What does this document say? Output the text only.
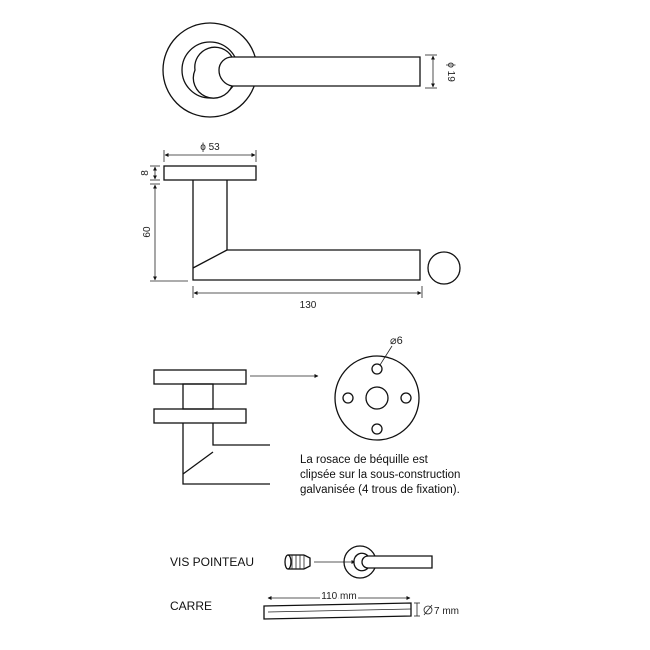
ϕ 19
ϕ 53
8
60
130
⌀6
La rosace de béquille est
clipsée sur la sous-construction
galvanisée (4 trous de fixation).
VIS POINTEAU
CARRE
110 mm
7 mm
